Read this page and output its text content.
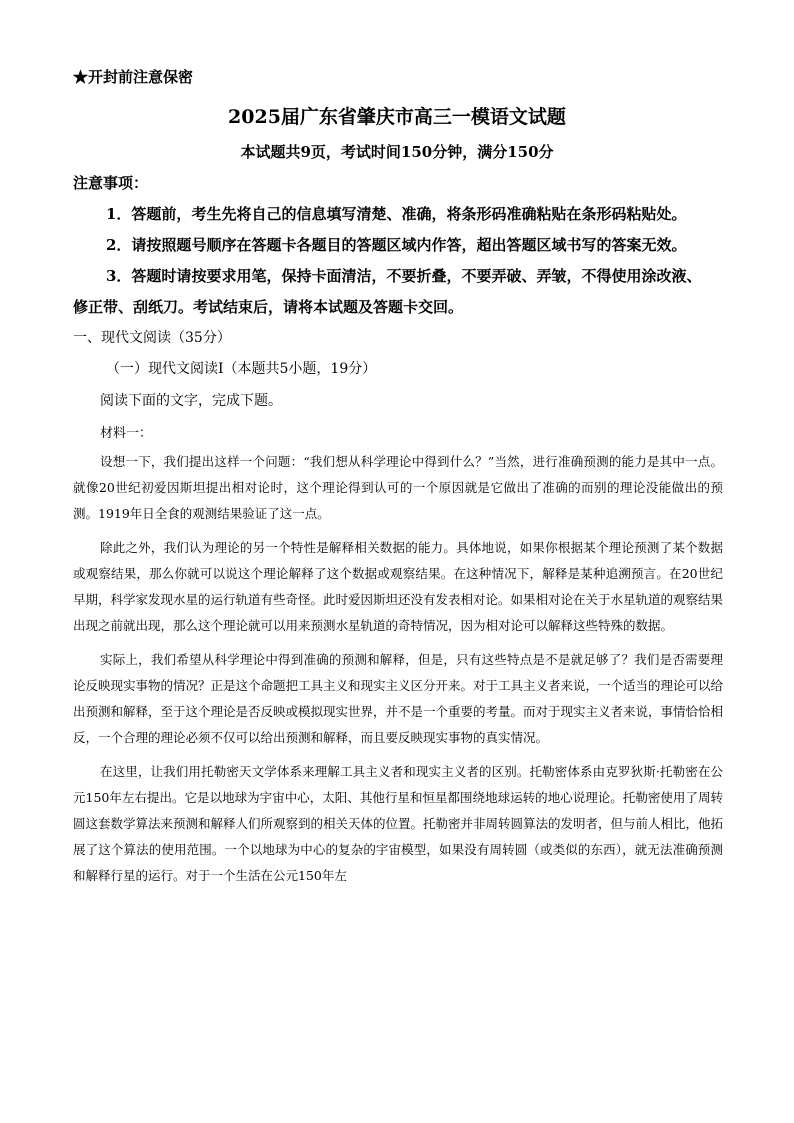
★开封前注意保密
2025届广东省肇庆市高三一模语文试题
本试题共9页，考试时间150分钟，满分150分
注意事项：
1．答题前，考生先将自己的信息填写清楚、准确，将条形码准确粘贴在条形码粘贴处。
2．请按照题号顺序在答题卡各题目的答题区域内作答，超出答题区域书写的答案无效。
3．答题时请按要求用笔，保持卡面清洁，不要折叠，不要弄破、弄皱，不得使用涂改液、
修正带、刮纸刀。考试结束后，请将本试题及答题卡交回。
一、现代文阅读（35分）
（一）现代文阅读Ⅰ（本题共5小题，19分）
阅读下面的文字，完成下题。
材料一：

设想一下，我们提出这样一个问题：“我们想从科学理论中得到什么？”当然，进行准确预测的能力是其中一点。就像20世纪初爱因斯坦提出相对论时，这个理论得到认可的一个原因就是它做出了准确的而别的理论没能做出的预测。1919年日全食的观测结果验证了这一点。

除此之外，我们认为理论的另一个特性是解释相关数据的能力。具体地说，如果你根据某个理论预测了某个数据或观察结果，那么你就可以说这个理论解释了这个数据或观察结果。在这种情况下，解释是某种追溯预言。在20世纪早期，科学家发现水星的运行轨道有些奇怪。此时爱因斯坦还没有发表相对论。如果相对论在关于水星轨道的观察结果出现之前就出现，那么这个理论就可以用来预测水星轨道的奇特情况，因为相对论可以解释这些特殊的数据。

实际上，我们希望从科学理论中得到准确的预测和解释，但是，只有这些特点是不是就足够了？我们是否需要理论反映现实事物的情况？正是这个命题把工具主义和现实主义区分开来。对于工具主义者来说，一个适当的理论可以给出预测和解释，至于这个理论是否反映或模拟现实世界，并不是一个重要的考量。而对于现实主义者来说，事情恰恰相反，一个合理的理论必须不仅可以给出预测和解释，而且要反映现实事物的真实情况。

在这里，让我们用托勒密天文学体系来理解工具主义者和现实主义者的区别。托勒密体系由克罗狄斯·托勒密在公元150年左右提出。它是以地球为宇宙中心，太阳、其他行星和恒星都围绕地球运转的地心说理论。托勒密使用了周转圆这套数学算法来预测和解释人们所观察到的相关天体的位置。托勒密并非周转圆算法的发明者，但与前人相比，他拓展了这个算法的使用范围。一个以地球为中心的复杂的宇宙模型，如果没有周转圆（或类似的东西），就无法准确预测和解释行星的运行。对于一个生活在公元150年左
